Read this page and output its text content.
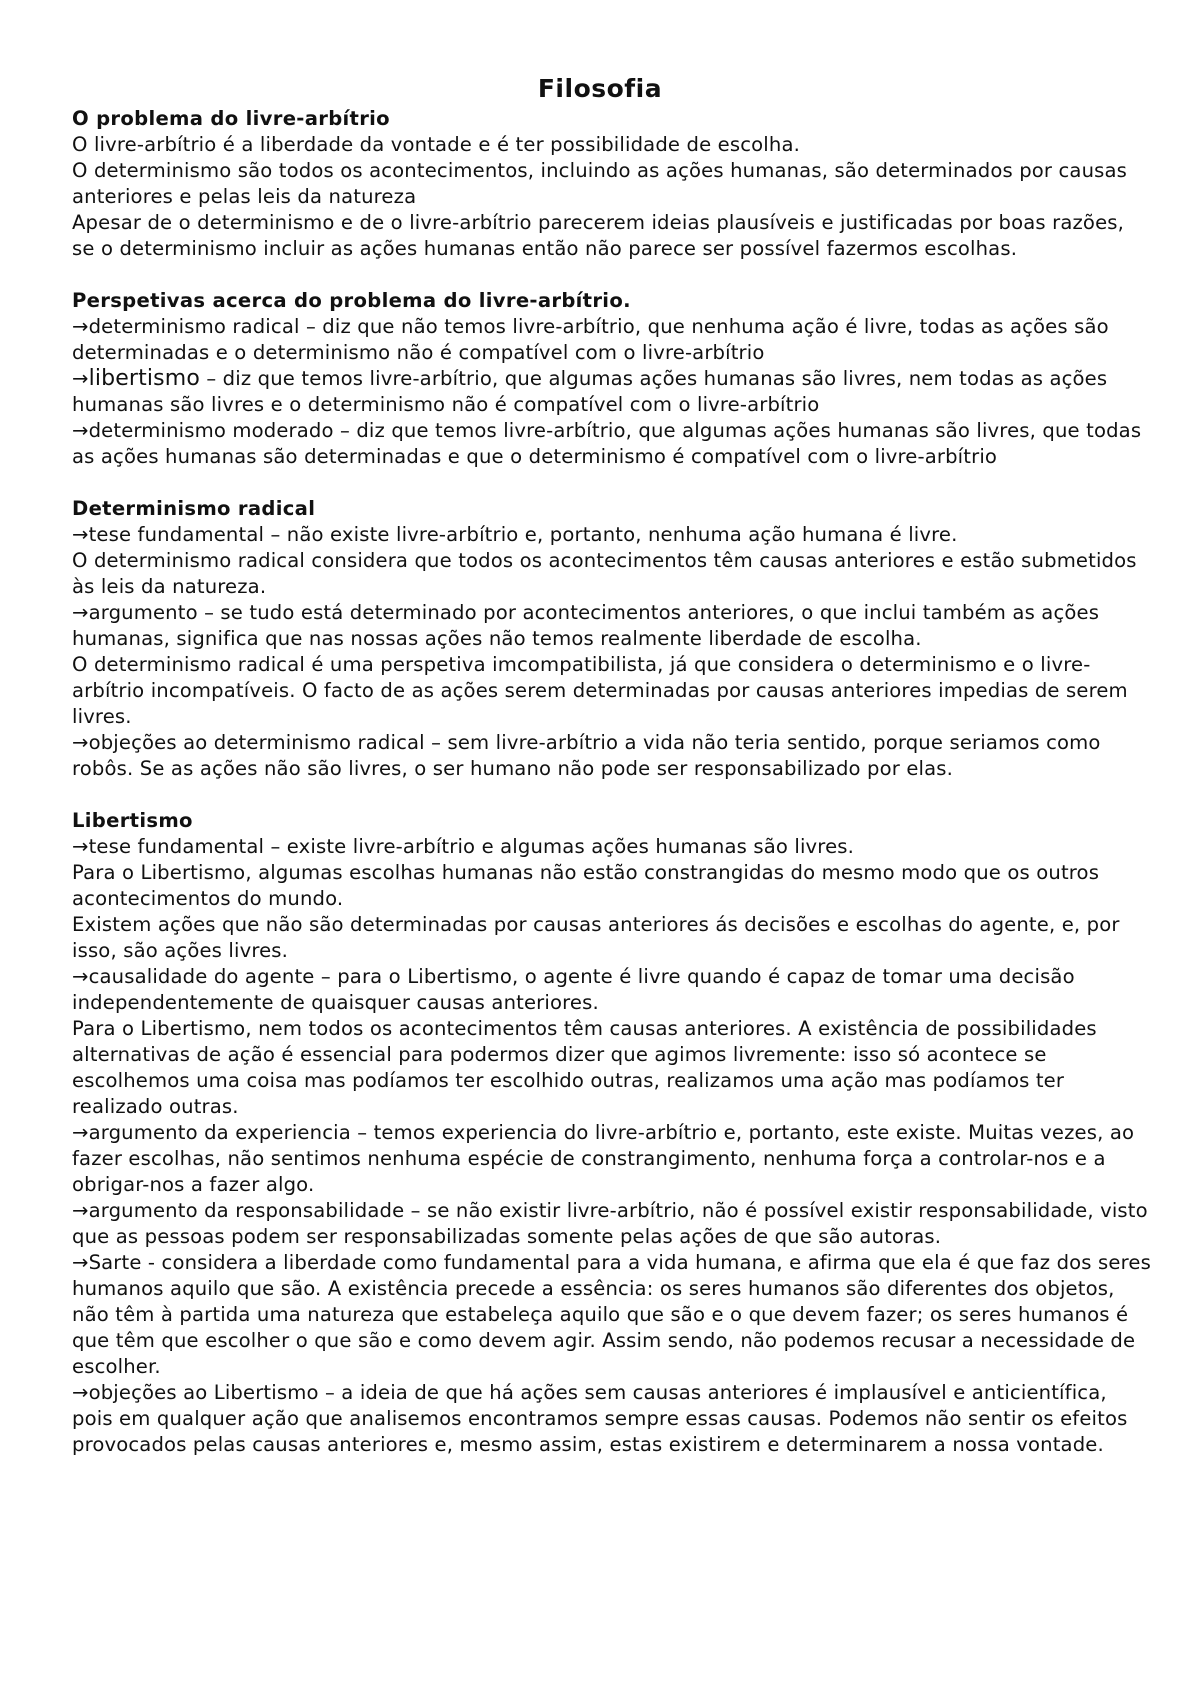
Filosofia
O problema do livre-arbítrio

O livre-arbítrio é a liberdade da vontade e é ter possibilidade de escolha.

O determinismo são todos os acontecimentos, incluindo as ações humanas, são determinados por causas anteriores e pelas leis da natureza

Apesar de o determinismo e de o livre-arbítrio parecerem ideias plausíveis e justificadas por boas razões, se o determinismo incluir as ações humanas então não parece ser possível fazermos escolhas.

Perspetivas acerca do problema do livre-arbítrio.

→determinismo radical – diz que não temos livre-arbítrio, que nenhuma ação é livre, todas as ações são determinadas e o determinismo não é compatível com o livre-arbítrio

→libertismo – diz que temos livre-arbítrio, que algumas ações humanas são livres, nem todas as ações humanas são livres e o determinismo não é compatível com o livre-arbítrio

→determinismo moderado – diz que temos livre-arbítrio, que algumas ações humanas são livres, que todas as ações humanas são determinadas e que o determinismo é compatível com o livre-arbítrio

Determinismo radical

→tese fundamental – não existe livre-arbítrio e, portanto, nenhuma ação humana é livre.

O determinismo radical considera que todos os acontecimentos têm causas anteriores e estão submetidos às leis da natureza.

→argumento – se tudo está determinado por acontecimentos anteriores, o que inclui também as ações humanas, significa que nas nossas ações não temos realmente liberdade de escolha.

O determinismo radical é uma perspetiva imcompatibilista, já que considera o determinismo e o livre-arbítrio incompatíveis. O facto de as ações serem determinadas por causas anteriores impedias de serem livres.

→objeções ao determinismo radical – sem livre-arbítrio a vida não teria sentido, porque seriamos como robôs. Se as ações não são livres, o ser humano não pode ser responsabilizado por elas.

Libertismo

→tese fundamental – existe livre-arbítrio e algumas ações humanas são livres.

Para o Libertismo, algumas escolhas humanas não estão constrangidas do mesmo modo que os outros acontecimentos do mundo.

Existem ações que não são determinadas por causas anteriores ás decisões e escolhas do agente, e, por isso, são ações livres.

→causalidade do agente – para o Libertismo, o agente é livre quando é capaz de tomar uma decisão independentemente de quaisquer causas anteriores.

Para o Libertismo, nem todos os acontecimentos têm causas anteriores. A existência de possibilidades alternativas de ação é essencial para podermos dizer que agimos livremente: isso só acontece se escolhemos uma coisa mas podíamos ter escolhido outras, realizamos uma ação mas podíamos ter realizado outras.

→argumento da experiencia – temos experiencia do livre-arbítrio e, portanto, este existe. Muitas vezes, ao fazer escolhas, não sentimos nenhuma espécie de constrangimento, nenhuma força a controlar-nos e a obrigar-nos a fazer algo.

→argumento da responsabilidade – se não existir livre-arbítrio, não é possível existir responsabilidade, visto que as pessoas podem ser responsabilizadas somente pelas ações de que são autoras.

→Sarte - considera a liberdade como fundamental para a vida humana, e afirma que ela é que faz dos seres humanos aquilo que são. A existência precede a essência: os seres humanos são diferentes dos objetos, não têm à partida uma natureza que estabeleça aquilo que são e o que devem fazer; os seres humanos é que têm que escolher o que são e como devem agir. Assim sendo, não podemos recusar a necessidade de escolher.

→objeções ao Libertismo – a ideia de que há ações sem causas anteriores é implausível e anticientífica, pois em qualquer ação que analisemos encontramos sempre essas causas. Podemos não sentir os efeitos provocados pelas causas anteriores e, mesmo assim, estas existirem e determinarem a nossa vontade.
